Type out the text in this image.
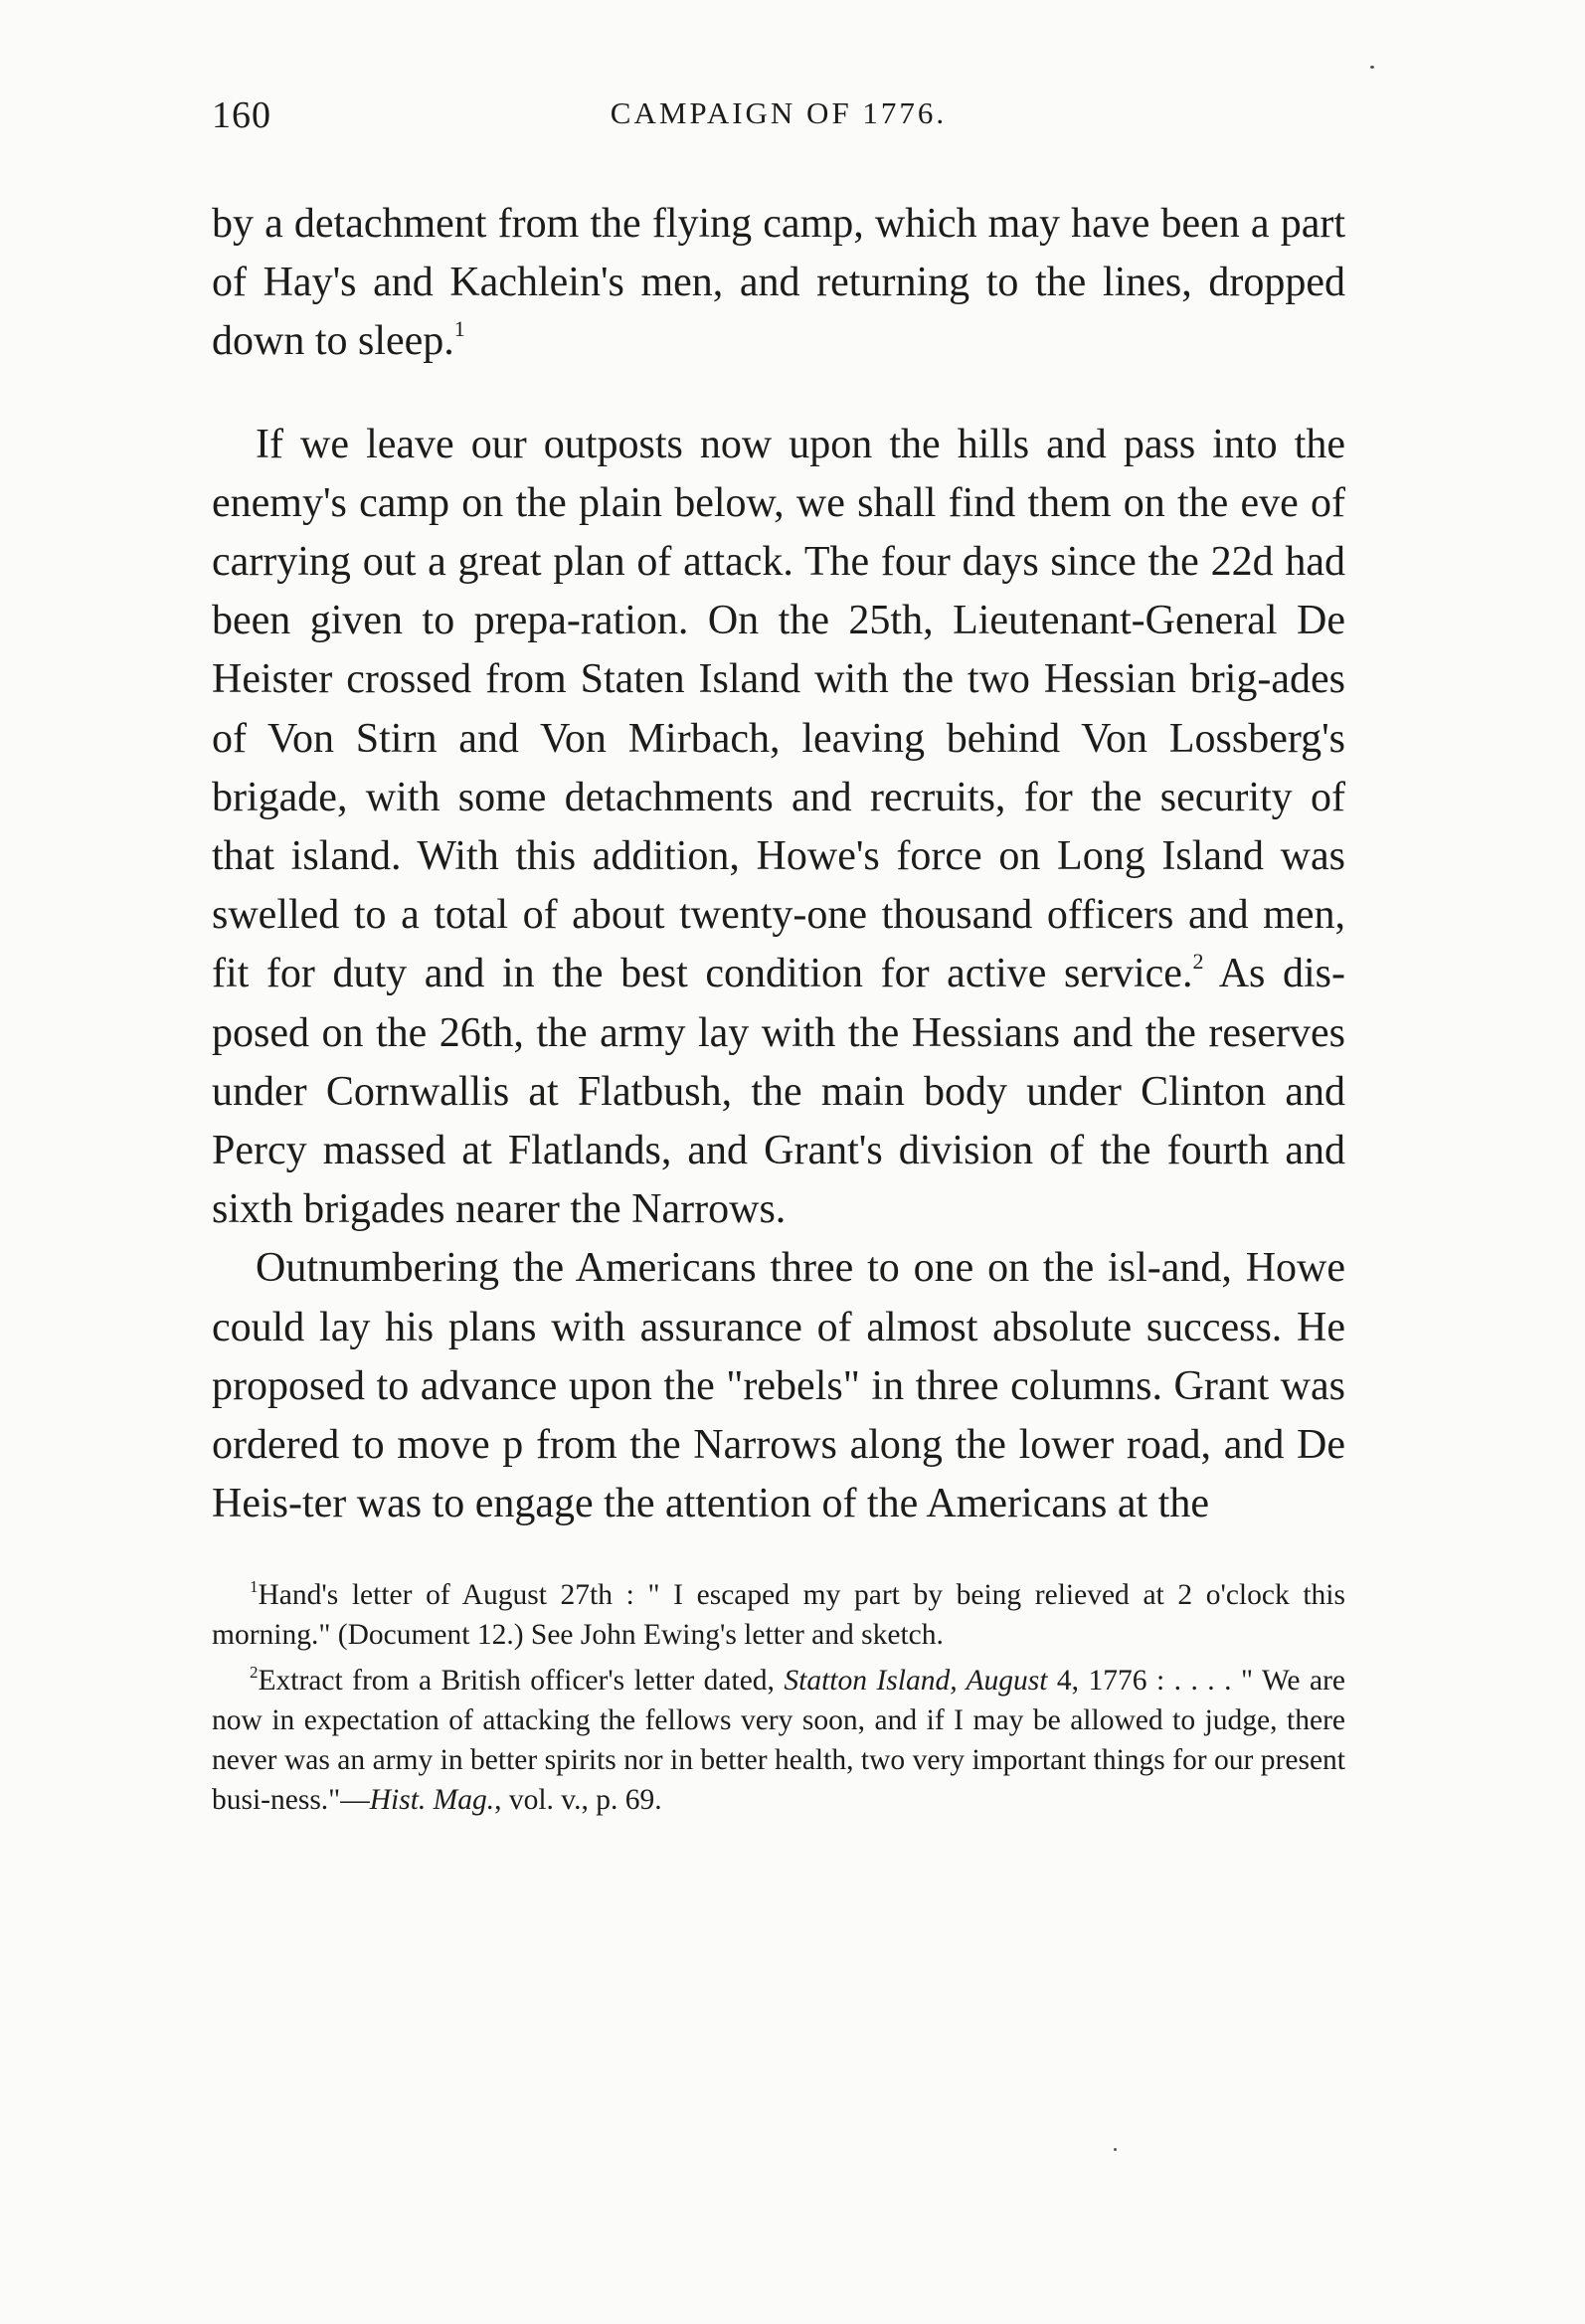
160	CAMPAIGN OF 1776.

by a detachment from the flying camp, which may have been a part of Hay's and Kachlein's men, and returning to the lines, dropped down to sleep.$^1$

If we leave our outposts now upon the hills and pass into the enemy's camp on the plain below, we shall find them on the eve of carrying out a great plan of attack. The four days since the 22d had been given to prepa-ration. On the 25th, Lieutenant-General De Heister crossed from Staten Island with the two Hessian brig-ades of Von Stirn and Von Mirbach, leaving behind Von Lossberg's brigade, with some detachments and recruits, for the security of that island. With this addition, Howe's force on Long Island was swelled to a total of about twenty-one thousand officers and men, fit for duty and in the best condition for active service.$^2$ As dis-posed on the 26th, the army lay with the Hessians and the reserves under Cornwallis at Flatbush, the main body under Clinton and Percy massed at Flatlands, and Grant's division of the fourth and sixth brigades nearer the Narrows.

Outnumbering the Americans three to one on the isl-and, Howe could lay his plans with assurance of almost absolute success. He proposed to advance upon the "rebels" in three columns. Grant was ordered to move p from the Narrows along the lower road, and De Heis-ter was to engage the attention of the Americans at the

$^1$Hand's letter of August 27th : " I escaped my part by being relieved at 2 o'clock this morning." (Document 12.) See John Ewing's letter and sketch.

$^2$Extract from a British officer's letter dated, Statton Island, August 4, 1776 : . . . . " We are now in expectation of attacking the fellows very soon, and if I may be allowed to judge, there never was an army in better spirits nor in better health, two very important things for our present busi-ness."—Hist. Mag., vol. v., p. 69.
